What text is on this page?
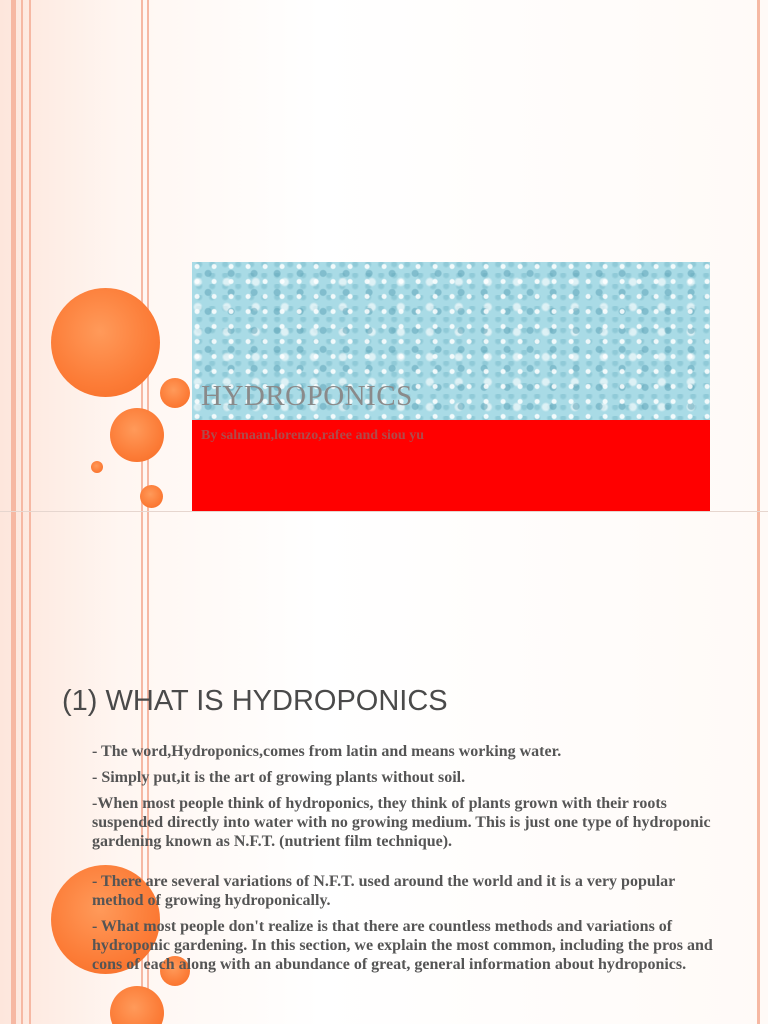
HYDROPONICS
By salmaan,lorenzo,rafee and siou yu
(1) WHAT IS HYDROPONICS

- The word,Hydroponics,comes from latin and means working water.

- Simply put,it is the art of growing plants without soil.

-When most people think of hydroponics, they think of plants grown with their roots suspended directly into water with no growing medium. This is just one type of hydroponic gardening known as N.F.T. (nutrient film technique).

- There are several variations of N.F.T. used around the world and it is a very popular method of growing hydroponically.

- What most people don't realize is that there are countless methods and variations of hydroponic gardening. In this section, we explain the most common, including the pros and cons of each along with an abundance of great, general information about hydroponics.
